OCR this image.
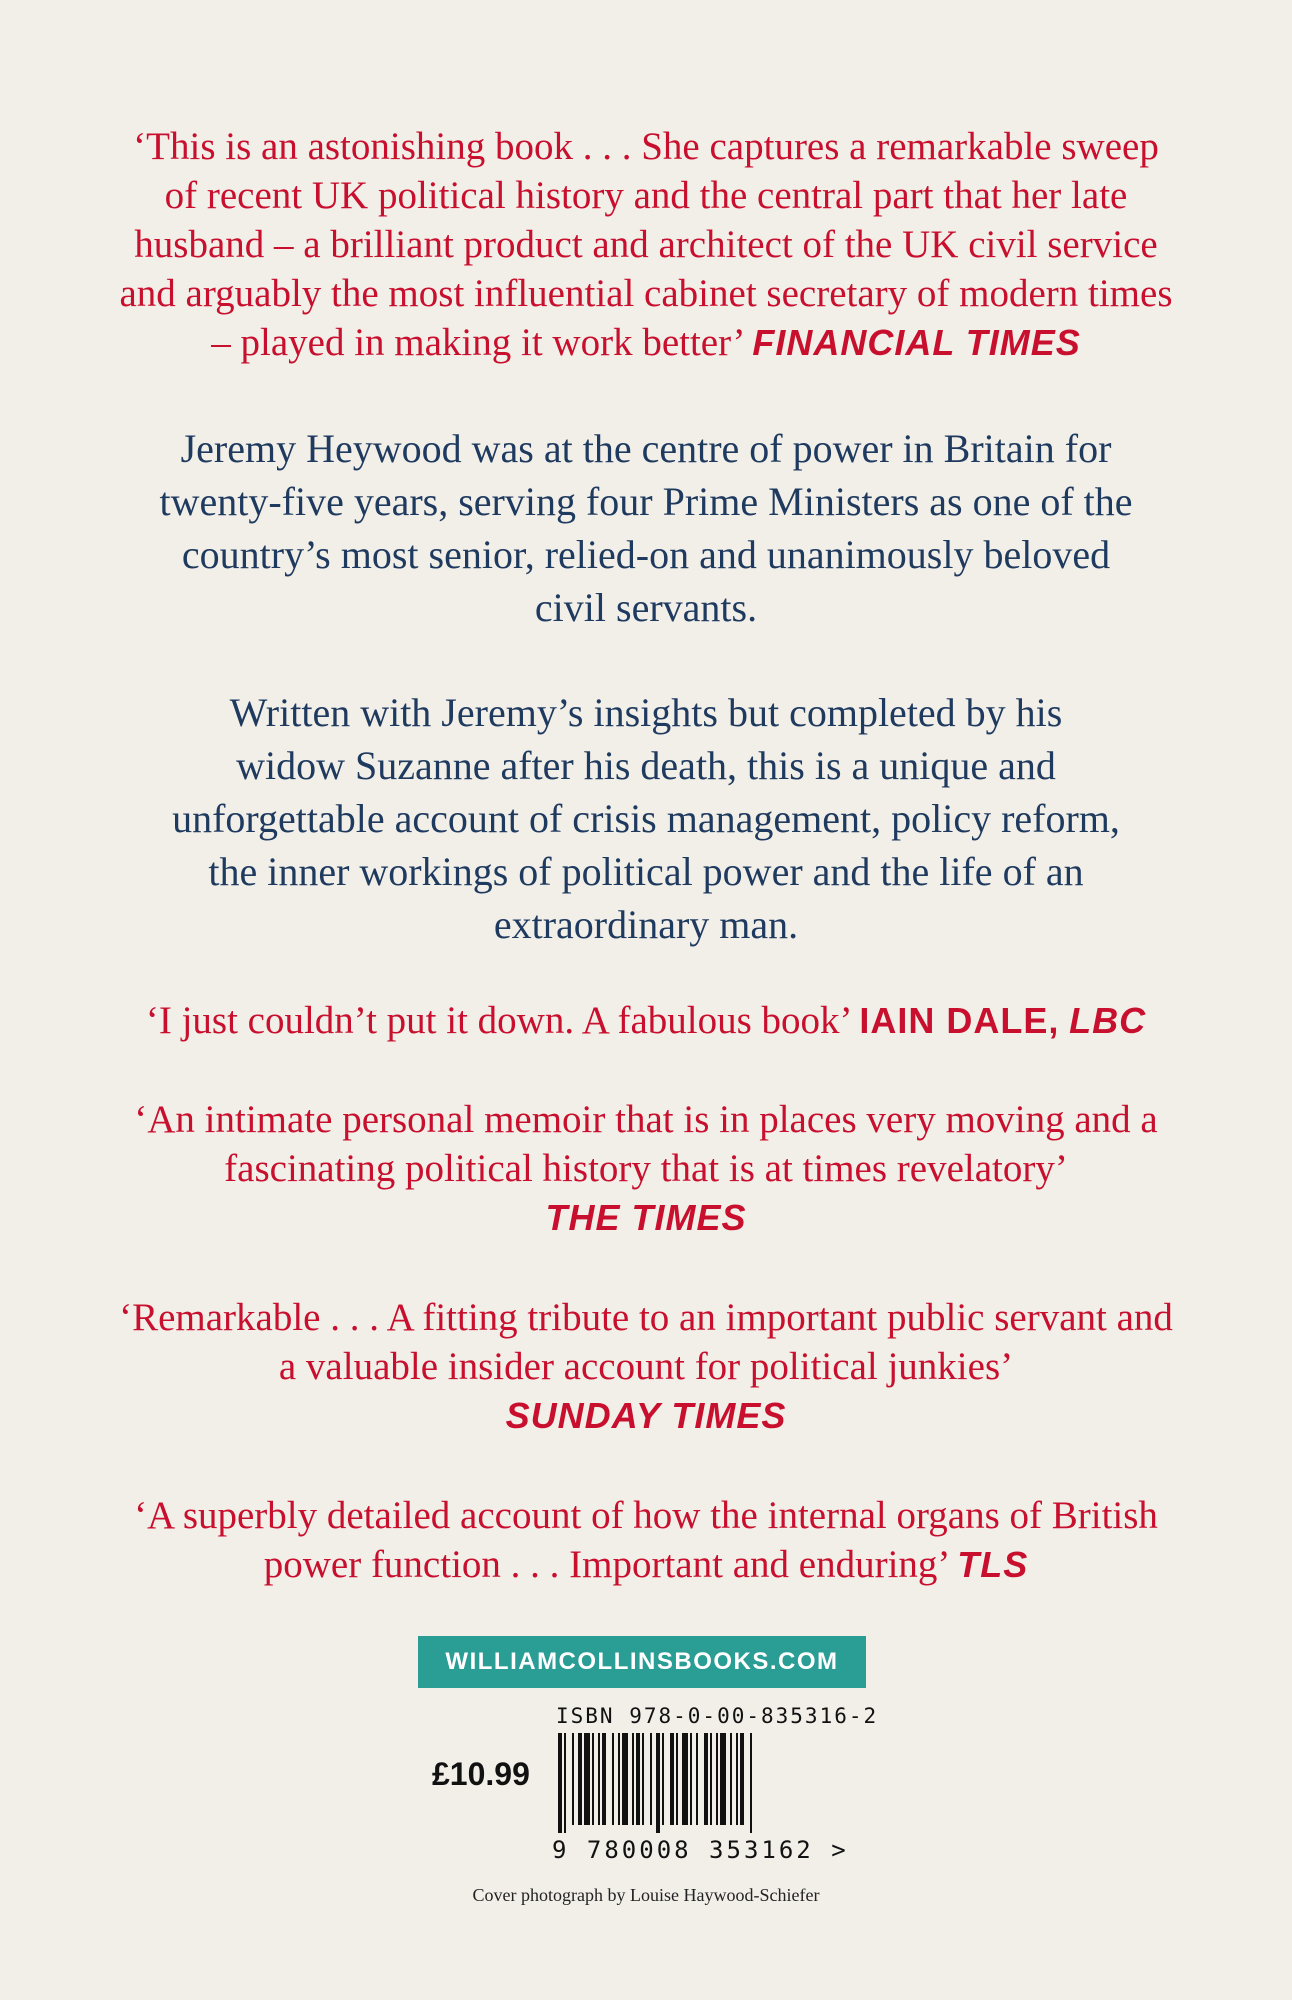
‘This is an astonishing book . . . She captures a remarkable sweep
of recent UK political history and the central part that her late
husband – a brilliant product and architect of the UK civil service
and arguably the most influential cabinet secretary of modern times
– played in making it work better’ FINANCIAL TIMES
Jeremy Heywood was at the centre of power in Britain for
twenty-five years, serving four Prime Ministers as one of the
country’s most senior, relied-on and unanimously beloved
civil servants.
Written with Jeremy’s insights but completed by his
widow Suzanne after his death, this is a unique and
unforgettable account of crisis management, policy reform,
the inner workings of political power and the life of an
extraordinary man.
‘I just couldn’t put it down. A fabulous book’ IAIN DALE, LBC
‘An intimate personal memoir that is in places very moving and a
fascinating political history that is at times revelatory’
THE TIMES
‘Remarkable . . . A fitting tribute to an important public servant and
a valuable insider account for political junkies’
SUNDAY TIMES
‘A superbly detailed account of how the internal organs of British
power function . . . Important and enduring’ TLS
WILLIAMCOLLINSBOOKS.COM
ISBN 978-0-00-835316-2
£10.99
9 780008 353162 >
Cover photograph by Louise Haywood-Schiefer
